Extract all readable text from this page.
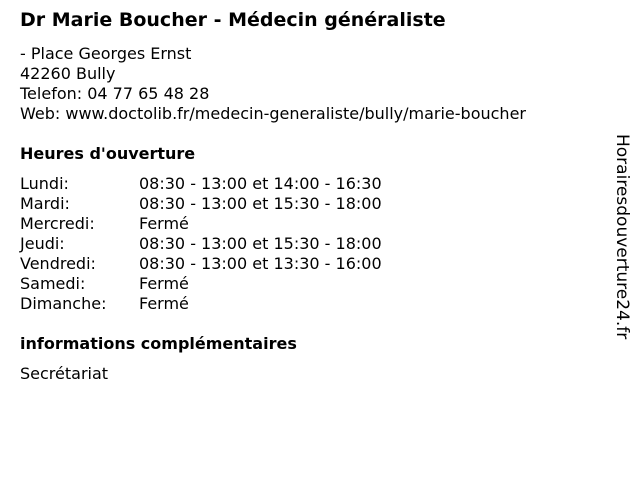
Dr Marie Boucher - Médecin généraliste
- Place Georges Ernst
42260 Bully
Telefon: 04 77 65 48 28
Web: www.doctolib.fr/medecin-generaliste/bully/marie-boucher
Heures d'ouverture
Lundi:	08:30 - 13:00 et 14:00 - 16:30
Mardi:	08:30 - 13:00 et 15:30 - 18:00
Mercredi:	Fermé
Jeudi:	08:30 - 13:00 et 15:30 - 18:00
Vendredi:	08:30 - 13:00 et 13:30 - 16:00
Samedi:	Fermé
Dimanche: Fermé
informations complémentaires
Secrétariat
Horairesdouverture24.fr
